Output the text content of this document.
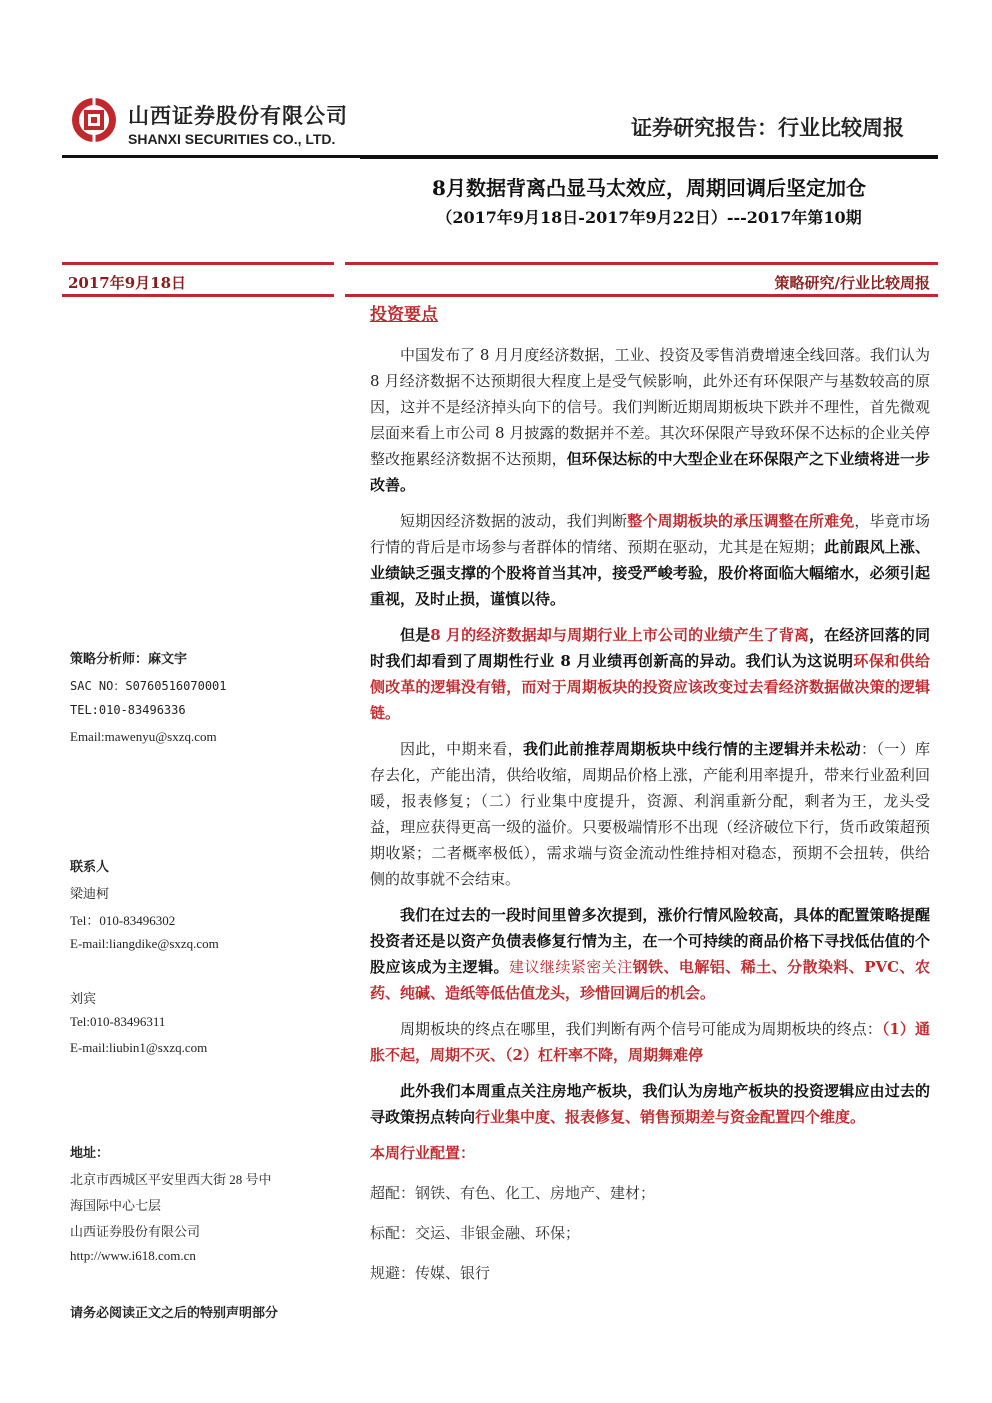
山西证券股份有限公司
SHANXI SECURITIES CO., LTD.	证券研究报告：行业比较周报
8月数据背离凸显马太效应，周期回调后坚定加仓
（2017年9月18日-2017年9月22日）---2017年第10期
2017年9月18日	策略研究/行业比较周报
策略分析师：麻文宇
SAC NO：S0760516070001
TEL:010-83496336
Email:mawenyu@sxzq.com
联系人
梁迪柯
Tel：010-83496302
E-mail:liangdike@sxzq.com
刘宾
Tel:010-83496311
E-mail:liubin1@sxzq.com
地址：
北京市西城区平安里西大街 28 号中
海国际中心七层
山西证券股份有限公司
http://www.i618.com.cn
请务必阅读正文之后的特别声明部分
投资要点

中国发布了 8 月月度经济数据，工业、投资及零售消费增速全线回落。我们认为 8 月经济数据不达预期很大程度上是受气候影响，此外还有环保限产与基数较高的原因，这并不是经济掉头向下的信号。我们判断近期周期板块下跌并不理性，首先微观层面来看上市公司 8 月披露的数据并不差。其次环保限产导致环保不达标的企业关停整改拖累经济数据不达预期，但环保达标的中大型企业在环保限产之下业绩将进一步改善。

短期因经济数据的波动，我们判断整个周期板块的承压调整在所难免，毕竟市场行情的背后是市场参与者群体的情绪、预期在驱动，尤其是在短期；此前跟风上涨、业绩缺乏强支撑的个股将首当其冲，接受严峻考验，股价将面临大幅缩水，必须引起重视，及时止损，谨慎以待。

但是8 月的经济数据却与周期行业上市公司的业绩产生了背离，在经济回落的同时我们却看到了周期性行业 8 月业绩再创新高的异动。我们认为这说明环保和供给侧改革的逻辑没有错，而对于周期板块的投资应该改变过去看经济数据做决策的逻辑链。

因此，中期来看，我们此前推荐周期板块中线行情的主逻辑并未松动：（一）库存去化，产能出清，供给收缩，周期品价格上涨，产能利用率提升，带来行业盈利回暖，报表修复；（二）行业集中度提升，资源、利润重新分配，剩者为王，龙头受益，理应获得更高一级的溢价。只要极端情形不出现（经济破位下行，货币政策超预期收紧；二者概率极低），需求端与资金流动性维持相对稳态，预期不会扭转，供给侧的故事就不会结束。

我们在过去的一段时间里曾多次提到，涨价行情风险较高，具体的配置策略提醒投资者还是以资产负债表修复行情为主，在一个可持续的商品价格下寻找低估值的个股应该成为主逻辑。建议继续紧密关注钢铁、电解铝、稀土、分散染料、PVC、农药、纯碱、造纸等低估值龙头，珍惜回调后的机会。

周期板块的终点在哪里，我们判断有两个信号可能成为周期板块的终点：（1）通胀不起，周期不灭、（2）杠杆率不降，周期舞难停

此外我们本周重点关注房地产板块，我们认为房地产板块的投资逻辑应由过去的寻政策拐点转向行业集中度、报表修复、销售预期差与资金配置四个维度。

本周行业配置：
超配：钢铁、有色、化工、房地产、建材；
标配：交运、非银金融、环保；
规避：传媒、银行
